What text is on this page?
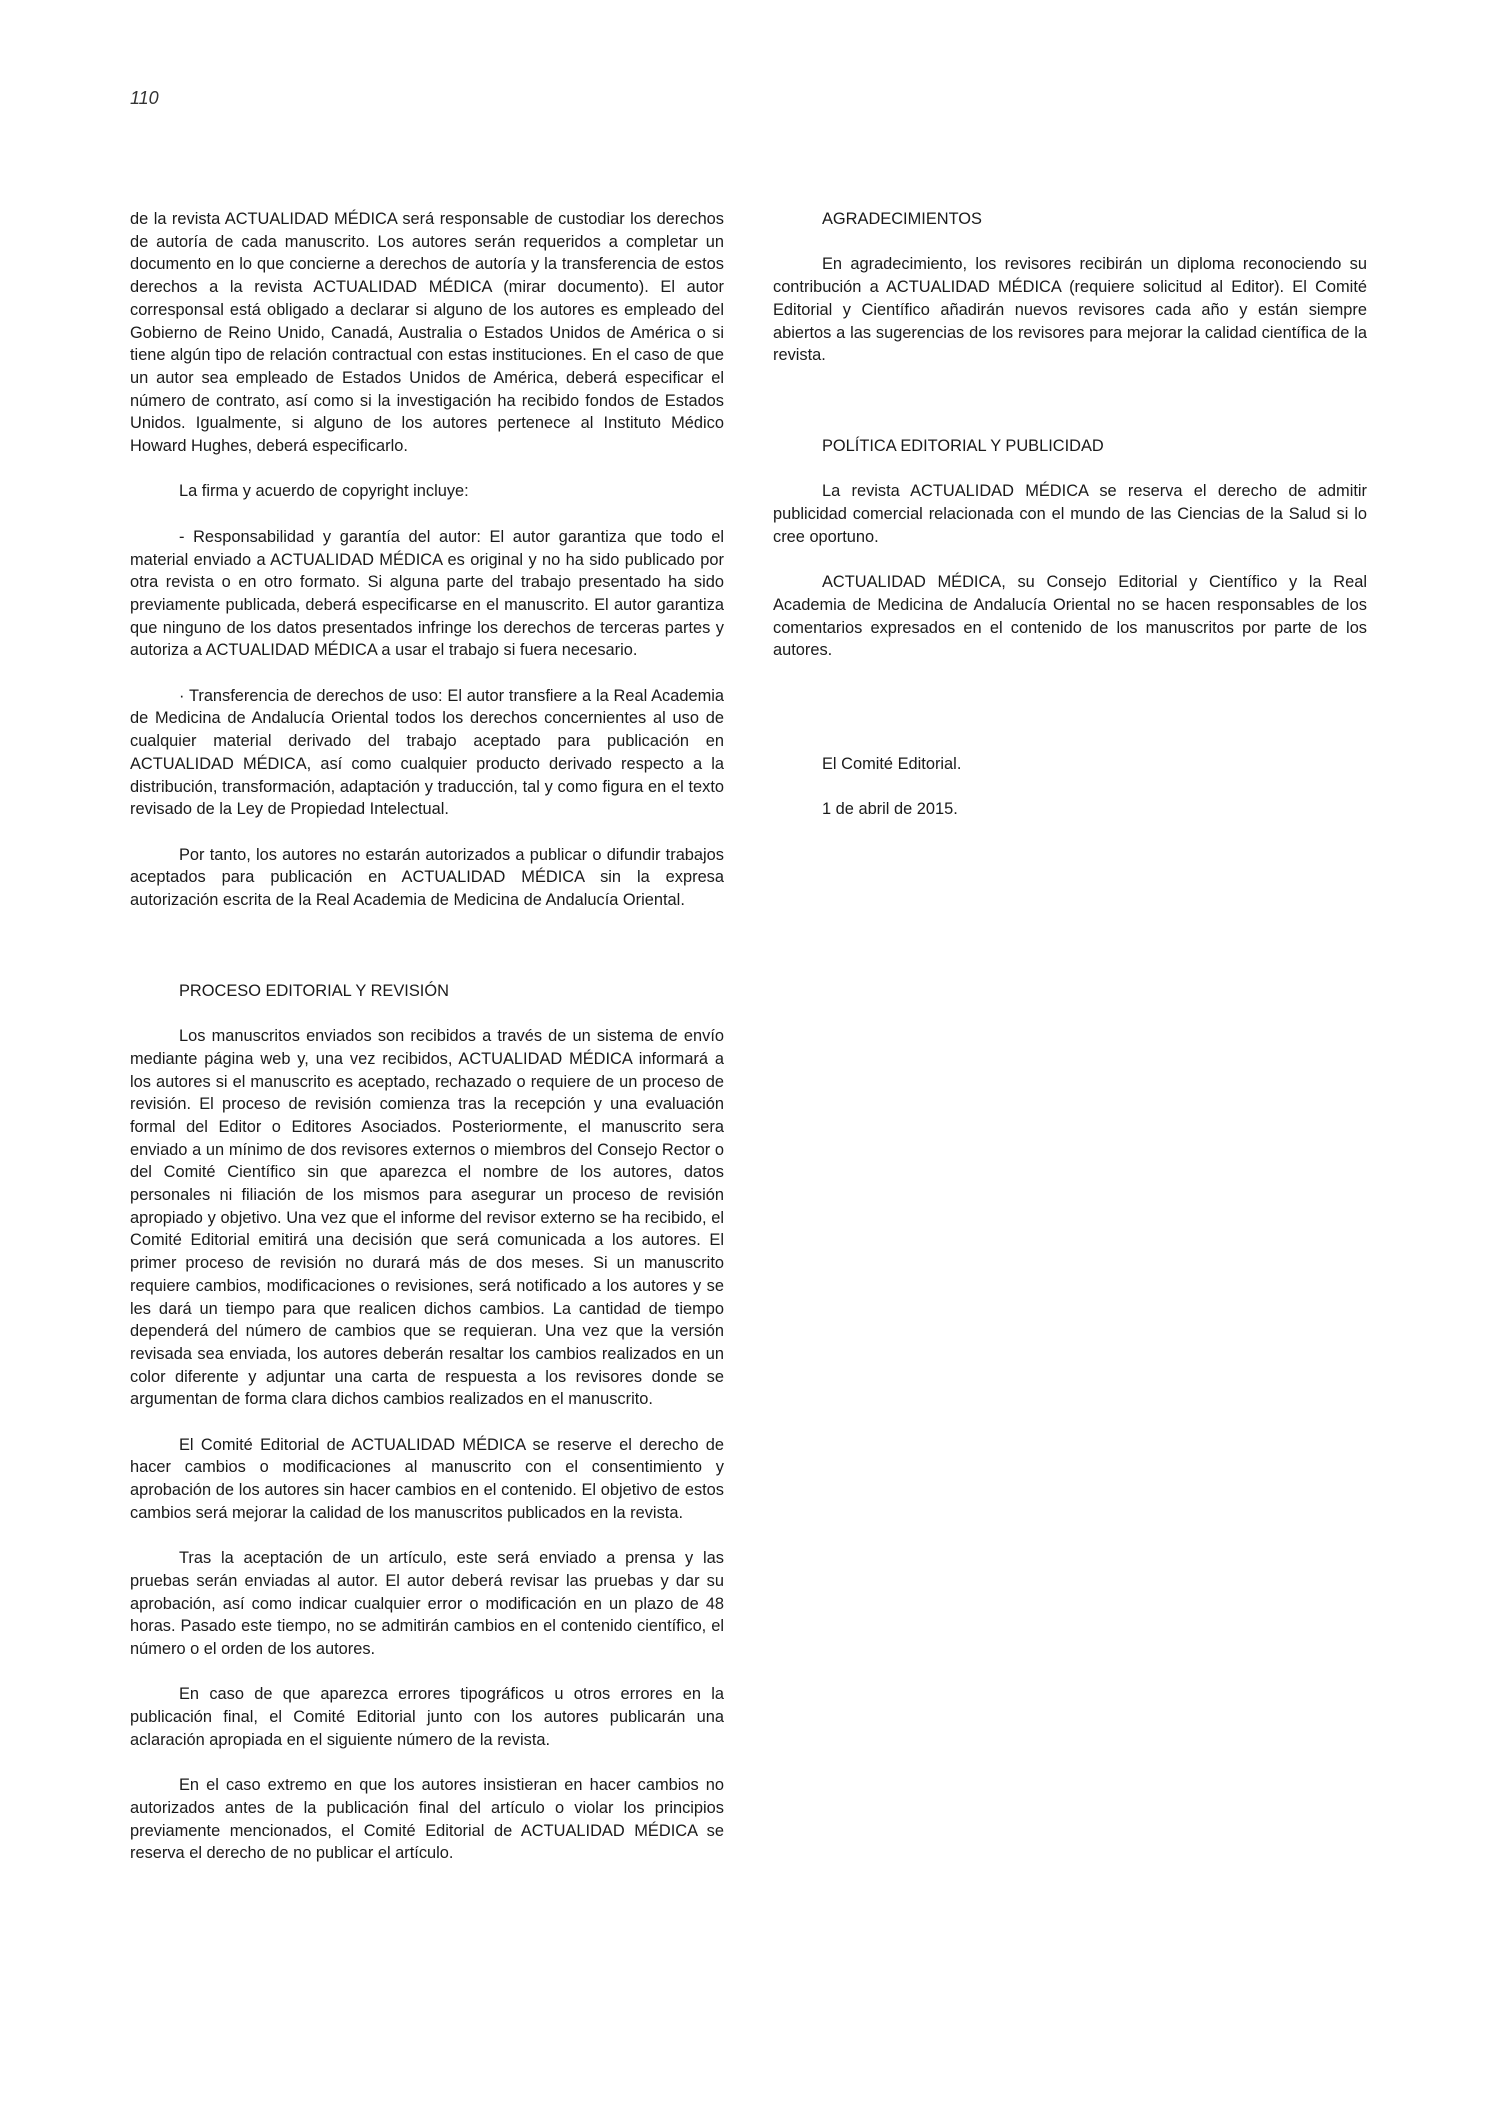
110

de la revista ACTUALIDAD MÉDICA será responsable de custodiar los derechos de autoría de cada manuscrito. Los autores serán requeridos a completar un documento en lo que concierne a derechos de autoría y la transferencia de estos derechos a la revista ACTUALIDAD MÉDICA (mirar documento). El autor corresponsal está obligado a declarar si alguno de los autores es empleado del Gobierno de Reino Unido, Canadá, Australia o Estados Unidos de América o si tiene algún tipo de relación contractual con estas instituciones. En el caso de que un autor sea empleado de Estados Unidos de América, deberá especificar el número de contrato, así como si la investigación ha recibido fondos de Estados Unidos. Igualmente, si alguno de los autores pertenece al Instituto Médico Howard Hughes, deberá especificarlo.

La firma y acuerdo de copyright incluye:

- Responsabilidad y garantía del autor: El autor garantiza que todo el material enviado a ACTUALIDAD MÉDICA es original y no ha sido publicado por otra revista o en otro formato. Si alguna parte del trabajo presentado ha sido previamente publicada, deberá especificarse en el manuscrito. El autor garantiza que ninguno de los datos presentados infringe los derechos de terceras partes y autoriza a ACTUALIDAD MÉDICA a usar el trabajo si fuera necesario.

· Transferencia de derechos de uso: El autor transfiere a la Real Academia de Medicina de Andalucía Oriental todos los derechos concernientes al uso de cualquier material derivado del trabajo aceptado para publicación en ACTUALIDAD MÉDICA, así como cualquier producto derivado respecto a la distribución, transformación, adaptación y traducción, tal y como figura en el texto revisado de la Ley de Propiedad Intelectual.

Por tanto, los autores no estarán autorizados a publicar o difundir trabajos aceptados para publicación en ACTUALIDAD MÉDICA sin la expresa autorización escrita de la Real Academia de Medicina de Andalucía Oriental.

PROCESO EDITORIAL Y REVISIÓN

Los manuscritos enviados son recibidos a través de un sistema de envío mediante página web y, una vez recibidos, ACTUALIDAD MÉDICA informará a los autores si el manuscrito es aceptado, rechazado o requiere de un proceso de revisión. El proceso de revisión comienza tras la recepción y una evaluación formal del Editor o Editores Asociados. Posteriormente, el manuscrito sera enviado a un mínimo de dos revisores externos o miembros del Consejo Rector o del Comité Científico sin que aparezca el nombre de los autores, datos personales ni filiación de los mismos para asegurar un proceso de revisión apropiado y objetivo. Una vez que el informe del revisor externo se ha recibido, el Comité Editorial emitirá una decisión que será comunicada a los autores. El primer proceso de revisión no durará más de dos meses. Si un manuscrito requiere cambios, modificaciones o revisiones, será notificado a los autores y se les dará un tiempo para que realicen dichos cambios. La cantidad de tiempo dependerá del número de cambios que se requieran. Una vez que la versión revisada sea enviada, los autores deberán resaltar los cambios realizados en un color diferente y adjuntar una carta de respuesta a los revisores donde se argumentan de forma clara dichos cambios realizados en el manuscrito.

El Comité Editorial de ACTUALIDAD MÉDICA se reserve el derecho de hacer cambios o modificaciones al manuscrito con el consentimiento y aprobación de los autores sin hacer cambios en el contenido. El objetivo de estos cambios será mejorar la calidad de los manuscritos publicados en la revista.

Tras la aceptación de un artículo, este será enviado a prensa y las pruebas serán enviadas al autor. El autor deberá revisar las pruebas y dar su aprobación, así como indicar cualquier error o modificación en un plazo de 48 horas. Pasado este tiempo, no se admitirán cambios en el contenido científico, el número o el orden de los autores.

En caso de que aparezca errores tipográficos u otros errores en la publicación final, el Comité Editorial junto con los autores publicarán una aclaración apropiada en el siguiente número de la revista.

En el caso extremo en que los autores insistieran en hacer cambios no autorizados antes de la publicación final del artículo o violar los principios previamente mencionados, el Comité Editorial de ACTUALIDAD MÉDICA se reserva el derecho de no publicar el artículo.

AGRADECIMIENTOS

En agradecimiento, los revisores recibirán un diploma reconociendo su contribución a ACTUALIDAD MÉDICA (requiere solicitud al Editor). El Comité Editorial y Científico añadirán nuevos revisores cada año y están siempre abiertos a las sugerencias de los revisores para mejorar la calidad científica de la revista.

POLÍTICA EDITORIAL Y PUBLICIDAD

La revista ACTUALIDAD MÉDICA se reserva el derecho de admitir publicidad comercial relacionada con el mundo de las Ciencias de la Salud si lo cree oportuno.

ACTUALIDAD MÉDICA, su Consejo Editorial y Científico y la Real Academia de Medicina de Andalucía Oriental no se hacen responsables de los comentarios expresados en el contenido de los manuscritos por parte de los autores.

El Comité Editorial.

1 de abril de 2015.
